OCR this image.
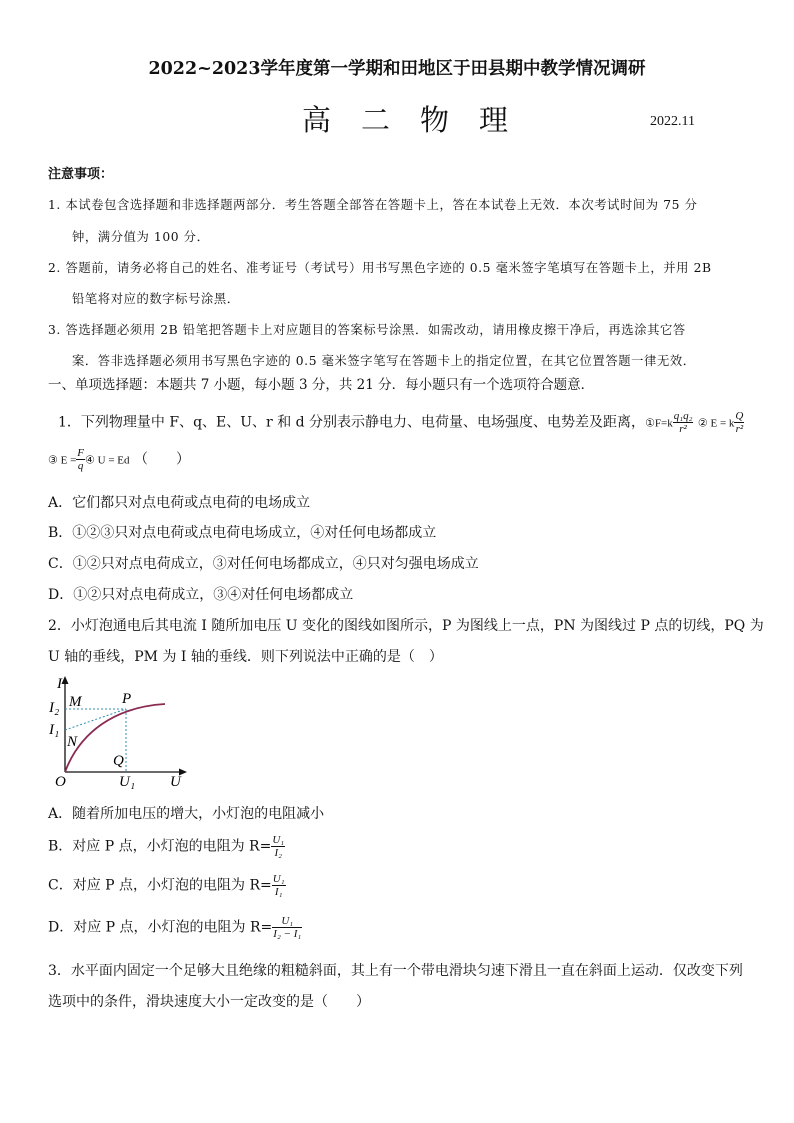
2022~2023学年度第一学期和田地区于田县期中教学情况调研
高 二 物 理	2022.11
注意事项：
1. 本试卷包含选择题和非选择题两部分．考生答题全部答在答题卡上，答在本试卷上无效．本次考试时间为 75 分
钟，满分值为 100 分．
2. 答题前，请务必将自己的姓名、准考证号（考试号）用书写黑色字迹的 0.5 毫米签字笔填写在答题卡上，并用 2B
铅笔将对应的数字标号涂黑．
3. 答选择题必须用 2B 铅笔把答题卡上对应题目的答案标号涂黑．如需改动，请用橡皮擦干净后，再选涂其它答
案．答非选择题必须用书写黑色字迹的 0.5 毫米签字笔写在答题卡上的指定位置，在其它位置答题一律无效．
一、单项选择题：本题共 7 小题，每小题 3 分，共 21 分．每小题只有一个选项符合题意．
1．下列物理量中 F、q、E、U、r 和 d 分别表示静电力、电荷量、电场强度、电势差及距离，①F=k $\frac{\text{q₁q₂}}{\text{r²}}$ ② E = k $\frac{Q}{\text{r²}}$
③ $E = \frac{F}{q}$ ④ U = Ed （　　）
A．它们都只对点电荷或点电荷的电场成立
B．①②③只对点电荷或点电荷电场成立，④对任何电场都成立
C．①②只对点电荷成立，③对任何电场都成立，④只对匀强电场成立
D．①②只对点电荷成立，③④对任何电场都成立
2．小灯泡通电后其电流 I 随所加电压 U 变化的图线如图所示，P 为图线上一点，PN 为图线过 P 点的切线，PQ 为
U 轴的垂线，PM 为 I 轴的垂线．则下列说法中正确的是（　）
I
M	P
I₂
I₁
N
Q
O	U₁ U
A．随着所加电压的增大，小灯泡的电阻减小
B．对应 P 点，小灯泡的电阻为 $R= \frac{\text{U₁}}{\text{I₂}}$
C．对应 P 点，小灯泡的电阻为 $R= \frac{\text{U₁}}{\text{I₁}}$
D．对应 P 点，小灯泡的电阻为 $R= \frac{\text{U₁}}{\text{I₂ − I₁}}$
3．水平面内固定一个足够大且绝缘的粗糙斜面，其上有一个带电滑块匀速下滑且一直在斜面上运动．仅改变下列
选项中的条件，滑块速度大小一定改变的是（　　）
